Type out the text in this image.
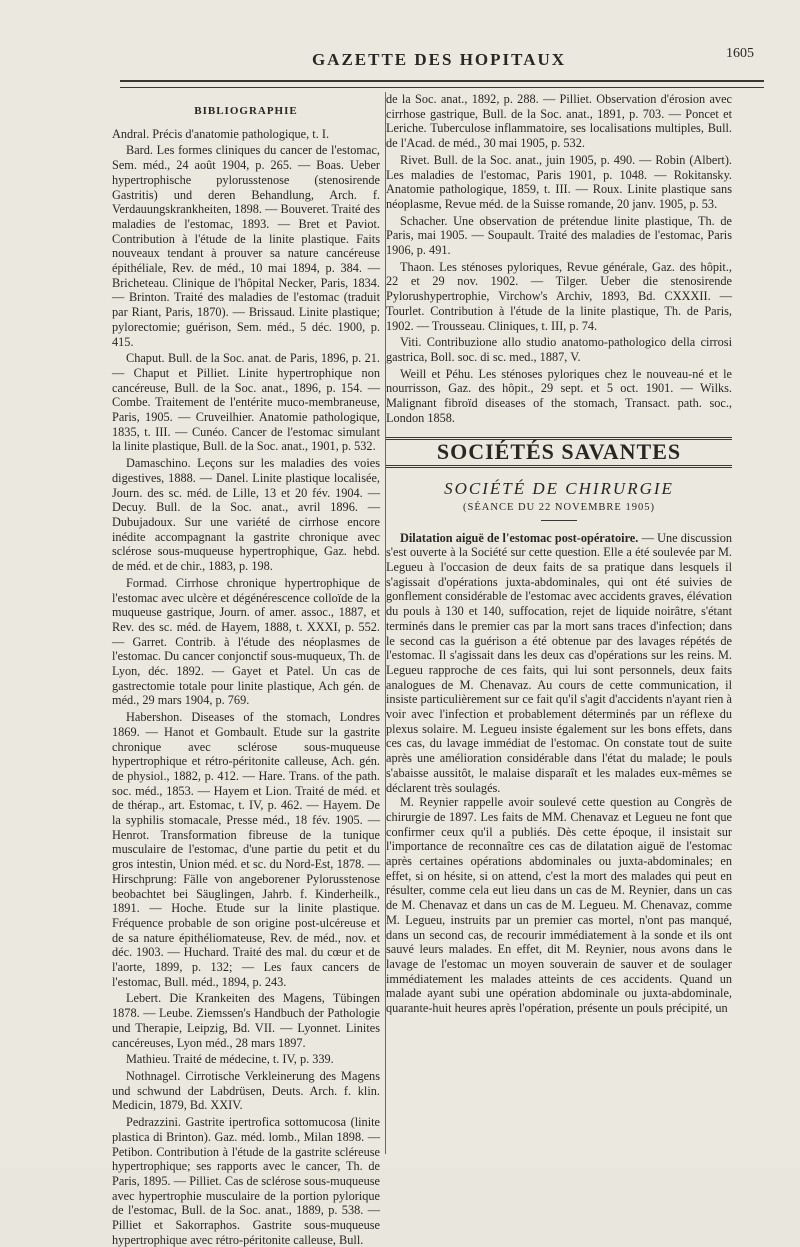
GAZETTE DES HOPITAUX	1605
BIBLIOGRAPHIE

Andral. Précis d'anatomie pathologique, t. I.

Bard. Les formes cliniques du cancer de l'estomac, Sem. méd., 24 août 1904, p. 265. — Boas. Ueber hypertrophische pylorusstenose (stenosirende Gastritis) und deren Behandlung, Arch. f. Verdauungskrankheiten, 1898. — Bouveret. Traité des maladies de l'estomac, 1893. — Bret et Paviot. Contribution à l'étude de la linite plastique. Faits nouveaux tendant à prouver sa nature cancéreuse épithéliale, Rev. de méd., 10 mai 1894, p. 384. — Bricheteau. Clinique de l'hôpital Necker, Paris, 1834. — Brinton. Traité des maladies de l'estomac (traduit par Riant, Paris, 1870). — Brissaud. Linite plastique; pylorectomie; guérison, Sem. méd., 5 déc. 1900, p. 415.

Chaput. Bull. de la Soc. anat. de Paris, 1896, p. 21. — Chaput et Pilliet. Linite hypertrophique non cancéreuse, Bull. de la Soc. anat., 1896, p. 154. — Combe. Traitement de l'entérite muco-membraneuse, Paris, 1905. — Cruveilhier. Anatomie pathologique, 1835, t. III. — Cunéo. Cancer de l'estomac simulant la linite plastique, Bull. de la Soc. anat., 1901, p. 532.

Damaschino. Leçons sur les maladies des voies digestives, 1888. — Danel. Linite plastique localisée, Journ. des sc. méd. de Lille, 13 et 20 fév. 1904. — Decuy. Bull. de la Soc. anat., avril 1896. — Dubujadoux. Sur une variété de cirrhose encore inédite accompagnant la gastrite chronique avec sclérose sous-muqueuse hypertrophique, Gaz. hebd. de méd. et de chir., 1883, p. 198.

Formad. Cirrhose chronique hypertrophique de l'estomac avec ulcère et dégénérescence colloïde de la muqueuse gastrique, Journ. of amer. assoc., 1887, et Rev. des sc. méd. de Hayem, 1888, t. XXXI, p. 552. — Garret. Contrib. à l'étude des néoplasmes de l'estomac. Du cancer conjonctif sous-muqueux, Th. de Lyon, déc. 1892. — Gayet et Patel. Un cas de gastrectomie totale pour linite plastique, Ach gén. de méd., 29 mars 1904, p. 769.

Habershon. Diseases of the stomach, Londres 1869. — Hanot et Gombault. Etude sur la gastrite chronique avec sclérose sous-muqueuse hypertrophique et rétro-péritonite calleuse, Ach. gén. de physiol., 1882, p. 412. — Hare. Trans. of the path. soc. méd., 1853. — Hayem et Lion. Traité de méd. et de thérap., art. Estomac, t. IV, p. 462. — Hayem. De la syphilis stomacale, Presse méd., 18 fév. 1905. — Henrot. Transformation fibreuse de la tunique musculaire de l'estomac, d'une partie du petit et du gros intestin, Union méd. et sc. du Nord-Est, 1878. — Hirschprung: Fälle von angeborener Pylorusstenose beobachtet bei Säuglingen, Jahrb. f. Kinderheilk., 1891. — Hoche. Etude sur la linite plastique. Fréquence probable de son origine post-ulcéreuse et de sa nature épithéliomateuse, Rev. de méd., nov. et déc. 1903. — Huchard. Traité des mal. du cœur et de l'aorte, 1899, p. 132; — Les faux cancers de l'estomac, Bull. méd., 1894, p. 243.

Lebert. Die Krankeiten des Magens, Tübingen 1878. — Leube. Ziemssen's Handbuch der Pathologie und Therapie, Leipzig, Bd. VII. — Lyonnet. Linites cancéreuses, Lyon méd., 28 mars 1897.

Mathieu. Traité de médecine, t. IV, p. 339.

Nothnagel. Cirrotische Verkleinerung des Magens und schwund der Labdrüsen, Deuts. Arch. f. klin. Medicin, 1879, Bd. XXIV.

Pedrazzini. Gastrite ipertrofica sottomucosa (linite plastica di Brinton). Gaz. méd. lomb., Milan 1898. — Petibon. Contribution à l'étude de la gastrite scléreuse hypertrophique; ses rapports avec le cancer, Th. de Paris, 1895. — Pilliet. Cas de sclérose sous-muqueuse avec hypertrophie musculaire de la portion pylorique de l'estomac, Bull. de la Soc. anat., 1889, p. 538. — Pilliet et Sakorraphos. Gastrite sous-muqueuse hypertrophique avec rétro-péritonite calleuse, Bull.

de la Soc. anat., 1892, p. 288. — Pilliet. Observation d'érosion avec cirrhose gastrique, Bull. de la Soc. anat., 1891, p. 703. — Poncet et Leriche. Tuberculose inflammatoire, ses localisations multiples, Bull. de l'Acad. de méd., 30 mai 1905, p. 532.

Rivet. Bull. de la Soc. anat., juin 1905, p. 490. — Robin (Albert). Les maladies de l'estomac, Paris 1901, p. 1048. — Rokitansky. Anatomie pathologique, 1859, t. III. — Roux. Linite plastique sans néoplasme, Revue méd. de la Suisse romande, 20 janv. 1905, p. 53.

Schacher. Une observation de prétendue linite plastique, Th. de Paris, mai 1905. — Soupault. Traité des maladies de l'estomac, Paris 1906, p. 491.

Thaon. Les sténoses pyloriques, Revue générale, Gaz. des hôpit., 22 et 29 nov. 1902. — Tilger. Ueber die stenosirende Pylorushypertrophie, Virchow's Archiv, 1893, Bd. CXXXII. — Tourlet. Contribution à l'étude de la linite plastique, Th. de Paris, 1902. — Trousseau. Cliniques, t. III, p. 74.

Viti. Contribuzione allo studio anatomo-pathologico della cirrosi gastrica, Boll. soc. di sc. med., 1887, V.

Weill et Péhu. Les sténoses pyloriques chez le nouveau-né et le nourrisson, Gaz. des hôpit., 29 sept. et 5 oct. 1901. — Wilks. Malignant fibroïd diseases of the stomach, Transact. path. soc., London 1858.

SOCIÉTÉS SAVANTES
SOCIÉTÉ DE CHIRURGIE
(SÉANCE DU 22 NOVEMBRE 1905)

Dilatation aiguë de l'estomac post-opératoire. — Une discussion s'est ouverte à la Société sur cette question. Elle a été soulevée par M. Legueu à l'occasion de deux faits de sa pratique dans lesquels il s'agissait d'opérations juxta-abdominales, qui ont été suivies de gonflement considérable de l'estomac avec accidents graves, élévation du pouls à 130 et 140, suffocation, rejet de liquide noirâtre, s'étant terminés dans le premier cas par la mort sans traces d'infection; dans le second cas la guérison a été obtenue par des lavages répétés de l'estomac. Il s'agissait dans les deux cas d'opérations sur les reins. M. Legueu rapproche de ces faits, qui lui sont personnels, deux faits analogues de M. Chenavaz. Au cours de cette communication, il insiste particulièrement sur ce fait qu'il s'agit d'accidents n'ayant rien à voir avec l'infection et probablement déterminés par un réflexe du plexus solaire. M. Legueu insiste également sur les bons effets, dans ces cas, du lavage immédiat de l'estomac. On constate tout de suite après une amélioration considérable dans l'état du malade; le pouls s'abaisse aussitôt, le malaise disparaît et les malades eux-mêmes se déclarent très soulagés.

M. Reynier rappelle avoir soulevé cette question au Congrès de chirurgie de 1897. Les faits de MM. Chenavaz et Legueu ne font que confirmer ceux qu'il a publiés. Dès cette époque, il insistait sur l'importance de reconnaître ces cas de dilatation aiguë de l'estomac après certaines opérations abdominales ou juxta-abdominales; en effet, si on hésite, si on attend, c'est la mort des malades qui peut en résulter, comme cela eut lieu dans un cas de M. Reynier, dans un cas de M. Chenavaz et dans un cas de M. Legueu. M. Chenavaz, comme M. Legueu, instruits par un premier cas mortel, n'ont pas manqué, dans un second cas, de recourir immédiatement à la sonde et ils ont sauvé leurs malades. En effet, dit M. Reynier, nous avons dans le lavage de l'estomac un moyen souverain de sauver et de soulager immédiatement les malades atteints de ces accidents. Quand un malade ayant subi une opération abdominale ou juxta-abdominale, quarante-huit heures après l'opération, présente un pouls précipité, un
